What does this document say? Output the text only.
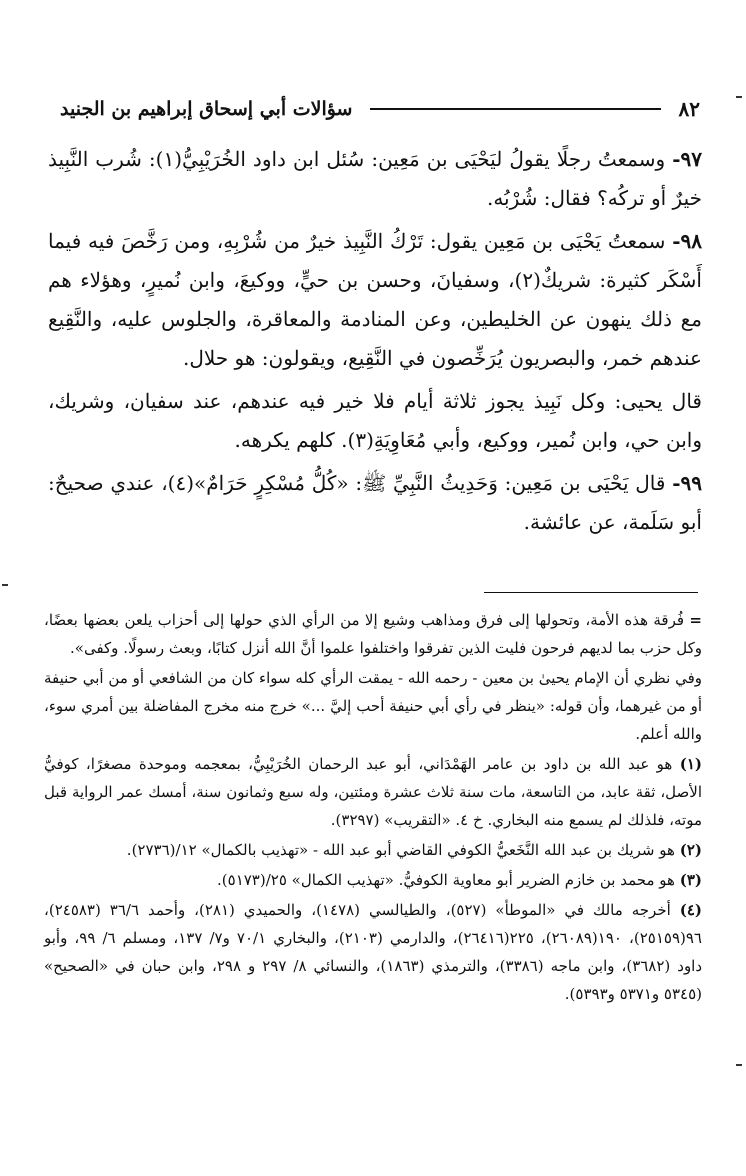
سؤالات أبي إسحاق إبراهيم بن الجنيد	٨٢

٩٧- وسمعتُ رجلًا يقولُ ليَحْيَى بن مَعِين: سُئل ابن داود الخُرَيْبِيُّ(١): شُرب النَّبِيذ خيرٌ أو تركُه؟ فقال: شُرْبُه.

٩٨- سمعتُ يَحْيَى بن مَعِين يقول: تَرْكُ النَّبِيذ خيرٌ من شُرْبِهِ، ومن رَخَّصَ فيه فيما أَسْكَر كثيرة: شريكٌ(٢)، وسفيانَ، وحسن بن حيٍّ، ووكيعَ، وابن نُميرٍ، وهؤلاء هم مع ذلك ينهون عن الخليطين، وعن المنادمة والمعاقرة، والجلوس عليه، والنَّقِيع عندهم خمر، والبصريون يُرَخِّصون في النَّقِيع، ويقولون: هو حلال.

قال يحيى: وكل نَبِيذ يجوز ثلاثة أيام فلا خير فيه عندهم، عند سفيان، وشريك، وابن حي، وابن نُمير، ووكيع، وأبي مُعَاوِيَةِ(٣). كلهم يكرهه.

٩٩- قال يَحْيَى بن مَعِين: وَحَدِيثُ النَّبِيِّ ﷺ: «كُلُّ مُسْكِرٍ حَرَامٌ»(٤)، عندي صحيحٌ: أبو سَلَمة، عن عائشة.

= فُرقة هذه الأمة، وتحولها إلى فرق ومذاهب وشيع إلا من الرأي الذي حولها إلى أحزاب يلعن بعضها بعضًا، وكل حزب بما لديهم فرحون فليت الذين تفرقوا واختلفوا علموا أنَّ الله أنزل كتابًا، وبعث رسولًا. وكفى».

وفي نظري أن الإمام يحيىٰ بن معين - رحمه الله - يمقت الرأي كله سواء كان من الشافعي أو من أبي حنيفة أو من غيرهما، وأن قوله: «ينظر في رأي أبي حنيفة أحب إليَّ ...» خرج منه مخرج المفاضلة بين أمري سوء، والله أعلم.

(١) هو عبد الله بن داود بن عامر الهَمْدَاني، أبو عبد الرحمان الخُرَيْبِيُّ، بمعجمه وموحدة مصغرًا، كوفيُّ الأصل، ثقة عابد، من التاسعة، مات سنة ثلاث عشرة ومئتين، وله سبع وثمانون سنة، أمسك عمر الرواية قبل موته، فلذلك لم يسمع منه البخاري. خ ٤. «التقريب» (٣٢٩٧).

(٢) هو شريك بن عبد الله النَّخَعيُّ الكوفي القاضي أبو عبد الله - «تهذيب بالكمال» ١٢/(٢٧٣٦).

(٣) هو محمد بن خازم الضرير أبو معاوية الكوفيُّ. «تهذيب الكمال» ٢٥/(٥١٧٣).

(٤) أخرجه مالك في «الموطأ» (٥٢٧)، والطيالسي (١٤٧٨)، والحميدي (٢٨١)، وأحمد ٣٦/٦ (٢٤٥٨٣)، ٩٦(٢٥١٥٩)، ١٩٠(٢٦٠٨٩)، ٢٢٥(٢٦٤١٦)، والدارمي (٢١٠٣)، والبخاري ٧٠/١ و٧/ ١٣٧، ومسلم ٦/ ٩٩، وأبو داود (٣٦٨٢)، وابن ماجه (٣٣٨٦)، والترمذي (١٨٦٣)، والنسائي ٨/ ٢٩٧ و ٢٩٨، وابن حبان في «الصحيح» (٥٣٤٥ و٥٣٧١ و٥٣٩٣).
